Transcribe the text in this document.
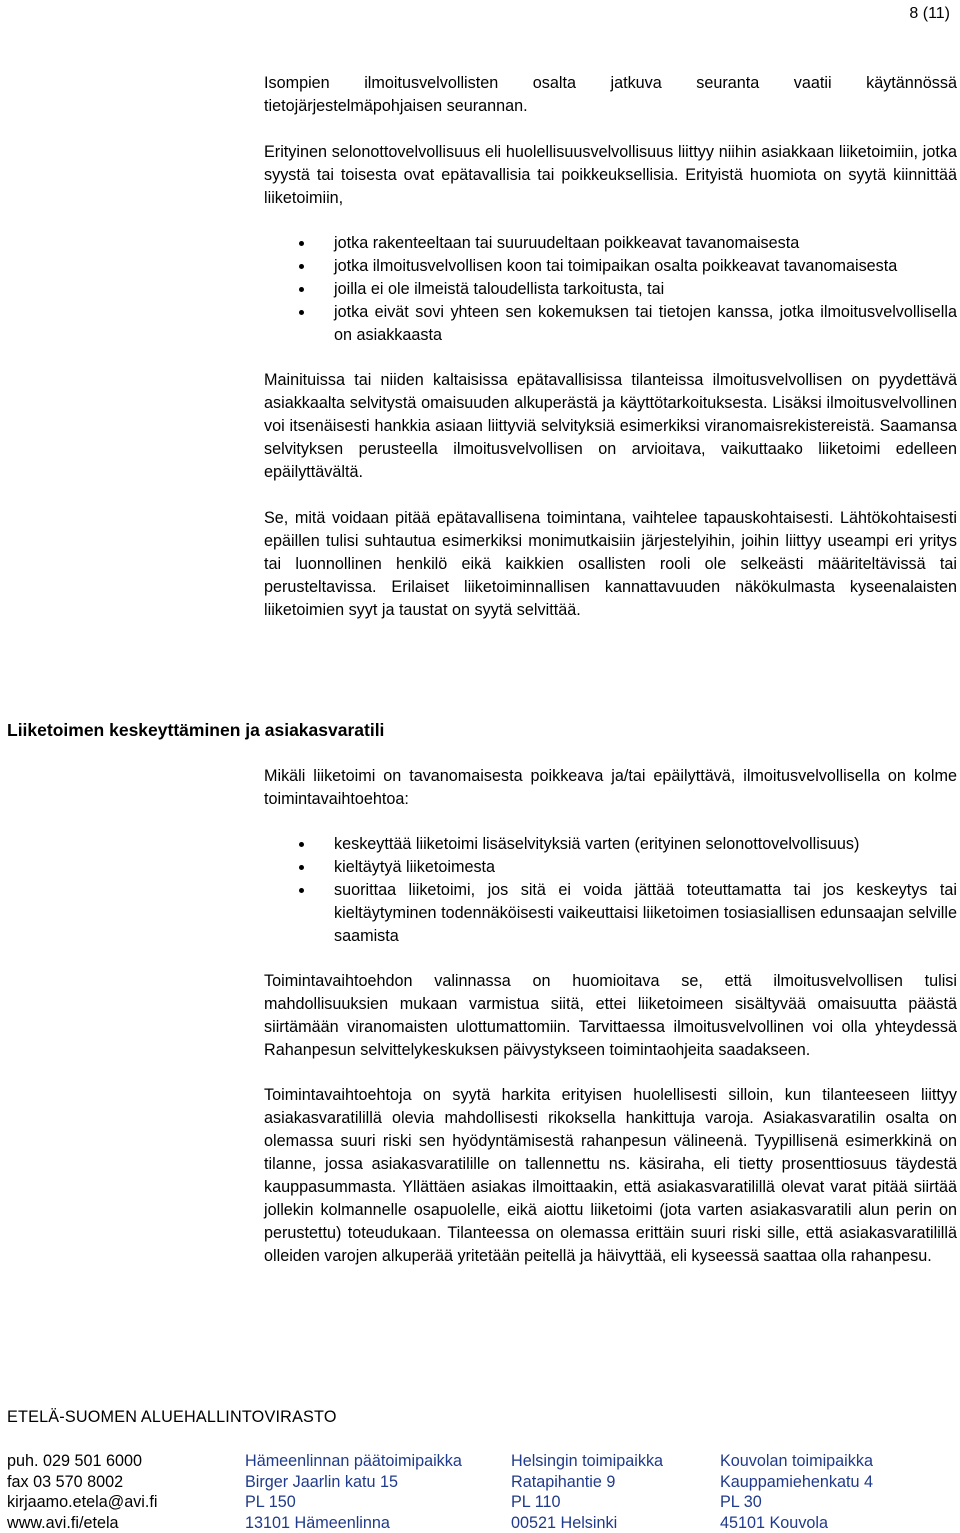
8 (11)

Isompien ilmoitusvelvollisten osalta jatkuva seuranta vaatii käytännössä tietojärjestelmäpohjaisen seurannan.

Erityinen selonottovelvollisuus eli huolellisuusvelvollisuus liittyy niihin asiakkaan liiketoimiin, jotka syystä tai toisesta ovat epätavallisia tai poikkeuksellisia. Erityistä huomiota on syytä kiinnittää liiketoimiin,

jotka rakenteeltaan tai suuruudeltaan poikkeavat tavanomaisesta
jotka ilmoitusvelvollisen koon tai toimipaikan osalta poikkeavat tavanomaisesta
joilla ei ole ilmeistä taloudellista tarkoitusta, tai
jotka eivät sovi yhteen sen kokemuksen tai tietojen kanssa, jotka ilmoitusvelvollisella on asiakkaasta

Mainituissa tai niiden kaltaisissa epätavallisissa tilanteissa ilmoitusvelvollisen on pyydettävä asiakkaalta selvitystä omaisuuden alkuperästä ja käyttötarkoituksesta. Lisäksi ilmoitusvelvollinen voi itsenäisesti hankkia asiaan liittyviä selvityksiä esimerkiksi viranomaisrekistereistä. Saamansa selvityksen perusteella ilmoitusvelvollisen on arvioitava, vaikuttaako liiketoimi edelleen epäilyttävältä.

Se, mitä voidaan pitää epätavallisena toimintana, vaihtelee tapauskohtaisesti. Lähtökohtaisesti epäillen tulisi suhtautua esimerkiksi monimutkaisiin järjestelyihin, joihin liittyy useampi eri yritys tai luonnollinen henkilö eikä kaikkien osallisten rooli ole selkeästi määriteltävissä tai perusteltavissa. Erilaiset liiketoiminnallisen kannattavuuden näkökulmasta kyseenalaisten liiketoimien syyt ja taustat on syytä selvittää.

Liiketoimen keskeyttäminen ja asiakasvaratili

Mikäli liiketoimi on tavanomaisesta poikkeava ja/tai epäilyttävä, ilmoitusvelvollisella on kolme toimintavaihtoehtoa:

keskeyttää liiketoimi lisäselvityksiä varten (erityinen selonottovelvollisuus)
kieltäytyä liiketoimesta
suorittaa liiketoimi, jos sitä ei voida jättää toteuttamatta tai jos keskeytys tai kieltäytyminen todennäköisesti vaikeuttaisi liiketoimen tosiasiallisen edunsaajan selville saamista

Toimintavaihtoehdon valinnassa on huomioitava se, että ilmoitusvelvollisen tulisi mahdollisuuksien mukaan varmistua siitä, ettei liiketoimeen sisältyvää omaisuutta päästä siirtämään viranomaisten ulottumattomiin. Tarvittaessa ilmoitusvelvollinen voi olla yhteydessä Rahanpesun selvittelykeskuksen päivystykseen toimintaohjeita saadakseen.

Toimintavaihtoehtoja on syytä harkita erityisen huolellisesti silloin, kun tilanteeseen liittyy asiakasvaratilillä olevia mahdollisesti rikoksella hankittuja varoja. Asiakasvaratilin osalta on olemassa suuri riski sen hyödyntämisestä rahanpesun välineenä. Tyypillisenä esimerkkinä on tilanne, jossa asiakasvaratilille on tallennettu ns. käsiraha, eli tietty prosenttiosuus täydestä kauppasummasta. Yllättäen asiakas ilmoittaakin, että asiakasvaratilillä olevat varat pitää siirtää jollekin kolmannelle osapuolelle, eikä aiottu liiketoimi (jota varten asiakasvaratili alun perin on perustettu) toteudukaan. Tilanteessa on olemassa erittäin suuri riski sille, että asiakasvaratilillä olleiden varojen alkuperää yritetään peitellä ja häivyttää, eli kyseessä saattaa olla rahanpesu.

ETELÄ-SUOMEN ALUEHALLINTOVIRASTO
puh. 029 501 6000
fax 03 570 8002
kirjaamo.etela@avi.fi
www.avi.fi/etela
Hämeenlinnan päätoimipaikka
Birger Jaarlin katu 15
PL 150
13101 Hämeenlinna
Helsingin toimipaikka
Ratapihantie 9
PL 110
00521 Helsinki
Kouvolan toimipaikka
Kauppamiehenkatu 4
PL 30
45101 Kouvola
